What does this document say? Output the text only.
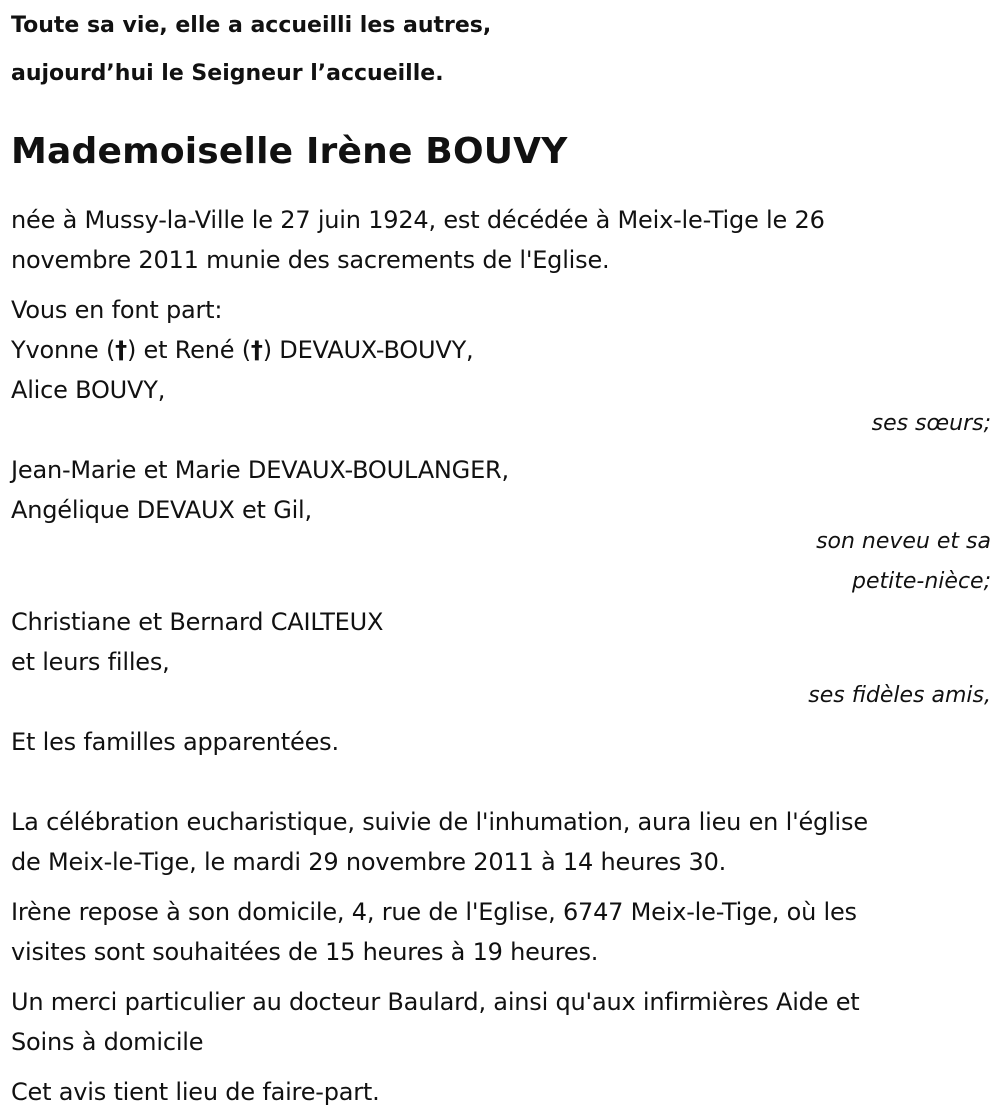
Toute sa vie, elle a accueilli les autres,

aujourd’hui le Seigneur l’accueille.

Mademoiselle Irène BOUVY

née à Mussy-la-Ville le 27 juin 1924, est décédée à Meix-le-Tige le 26

novembre 2011 munie des sacrements de l'Eglise.

Vous en font part:

Yvonne (†) et René (†) DEVAUX-BOUVY,

Alice BOUVY,

ses sœurs;

Jean-Marie et Marie DEVAUX-BOULANGER,

Angélique DEVAUX et Gil,

son neveu et sa

petite-nièce;

Christiane et Bernard CAILTEUX

et leurs filles,

ses fidèles amis,

Et les familles apparentées.

La célébration eucharistique, suivie de l'inhumation, aura lieu en l'église

de Meix-le-Tige, le mardi 29 novembre 2011 à 14 heures 30.

Irène repose à son domicile, 4, rue de l'Eglise, 6747 Meix-le-Tige, où les

visites sont souhaitées de 15 heures à 19 heures.

Un merci particulier au docteur Baulard, ainsi qu'aux infirmières Aide et

Soins à domicile

Cet avis tient lieu de faire-part.
